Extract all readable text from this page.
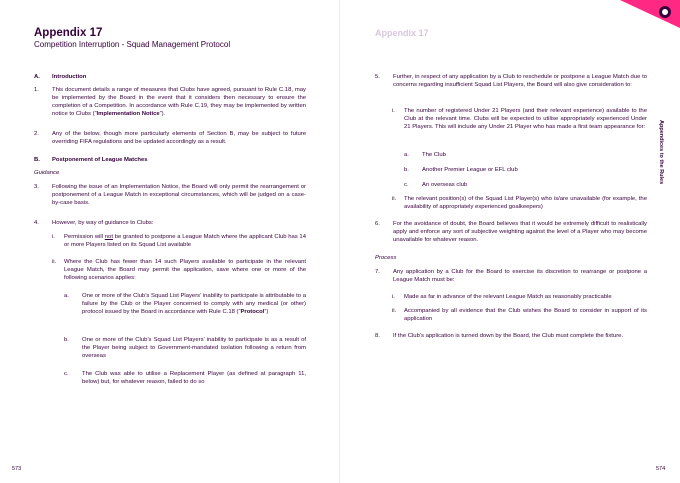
Appendix 17
Competition Interruption - Squad Management Protocol
A.	Introduction
1.	This document details a range of measures that Clubs have agreed, pursuant to Rule C.18, may be implemented by the Board in the event that it considers then necessary to ensure the completion of a Competition. In accordance with Rule C.19, they may be implemented by written notice to Clubs (“Implementation Notice”).

2.	Any of the below, though more particularly elements of Section B, may be subject to future overriding FIFA regulations and be updated accordingly as a result.

B.	Postponement of League Matches
Guidance
3.	Following the issue of an Implementation Notice, the Board will only permit the rearrangement or postponement of a League Match in exceptional circumstances, which will be judged on a case-by-case basis.

4.	However, by way of guidance to Clubs:

i.	Permission will not be granted to postpone a League Match where the applicant Club has 14 or more Players listed on its Squad List available

ii.	Where the Club has fewer than 14 such Players available to participate in the relevant League Match, the Board may permit the application, save where one or more of the following scenarios applies:

a.	One or more of the Club’s Squad List Players’ inability to participate is attributable to a failure by the Club or the Player concerned to comply with any medical (or other) protocol issued by the Board in accordance with Rule C.18 (“Protocol”)

b.	One or more of the Club’s Squad List Players’ inability to participate is as a result of the Player being subject to Government-mandated isolation following a return from overseas

c.	The Club was able to utilise a Replacement Player (as defined at paragraph 11, below) but, for whatever reason, failed to do so

573
Appendix 17
Appendices to the Rules
5.	Further, in respect of any application by a Club to reschedule or postpone a League Match due to concerns regarding insufficient Squad List Players, the Board will also give consideration to:

i.	The number of registered Under 21 Players (and their relevant experience) available to the Club at the relevant time. Clubs will be expected to utilise appropriately experienced Under 21 Players. This will include any Under 21 Player who has made a first team appearance for:

a.	The Club
b.	Another Premier League or EFL club
c.	An overseas club
ii.	The relevant position(s) of the Squad List Player(s) who is/are unavailable (for example, the availability of appropriately experienced goalkeepers)

6.	For the avoidance of doubt, the Board believes that it would be extremely difficult to realistically apply and enforce any sort of subjective weighting against the level of a Player who may become unavailable for whatever reason.

Process
7.	Any application by a Club for the Board to exercise its discretion to rearrange or postpone a League Match must be:

i.	Made as far in advance of the relevant League Match as reasonably practicable

ii.	Accompanied by all evidence that the Club wishes the Board to consider in support of its application

8.	If the Club’s application is turned down by the Board, the Club must complete the fixture.

574
